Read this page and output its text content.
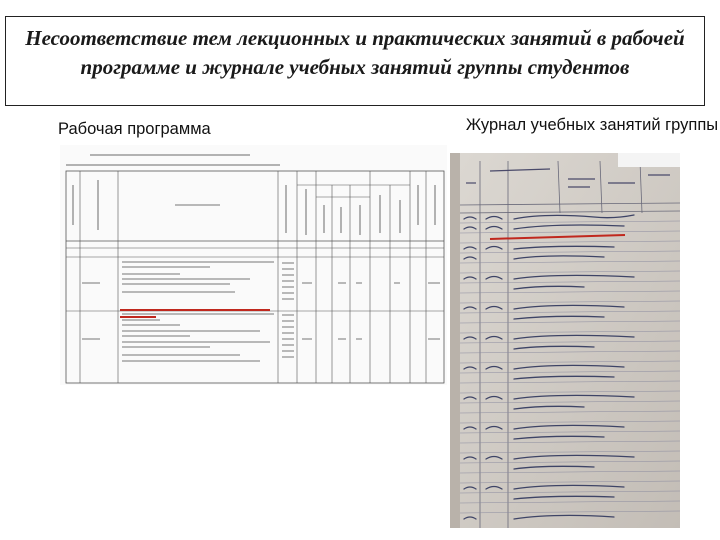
Несоответствие тем лекционных и практических занятий в рабочей программе и журнале учебных занятий группы студентов
Рабочая программа	Журнал учебных занятий группы
